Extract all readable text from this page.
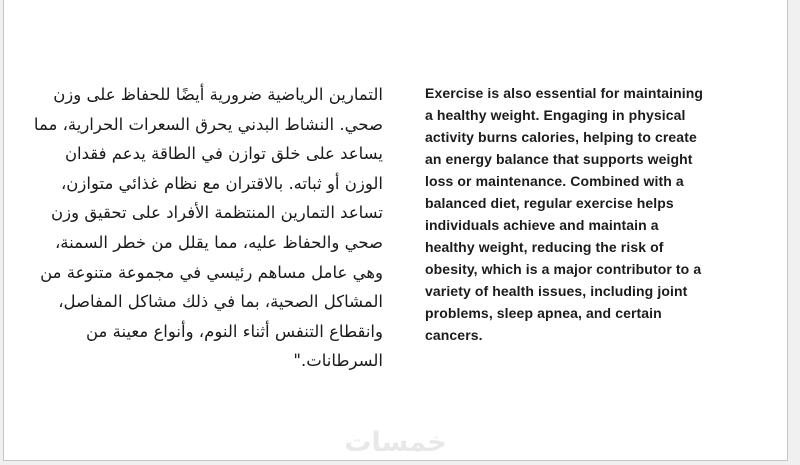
التمارين الرياضية ضرورية أيضًا للحفاظ على وزن
صحي. النشاط البدني يحرق السعرات الحرارية، مما
يساعد على خلق توازن في الطاقة يدعم فقدان
الوزن أو ثباته. بالاقتران مع نظام غذائي متوازن،
تساعد التمارين المنتظمة الأفراد على تحقيق وزن
صحي والحفاظ عليه، مما يقلل من خطر السمنة،
وهي عامل مساهم رئيسي في مجموعة متنوعة من
المشاكل الصحية، بما في ذلك مشاكل المفاصل،
وانقطاع التنفس أثناء النوم، وأنواع معينة من
السرطانات."
Exercise is also essential for maintaining
a healthy weight. Engaging in physical
activity burns calories, helping to create
an energy balance that supports weight
loss or maintenance. Combined with a
balanced diet, regular exercise helps
individuals achieve and maintain a
healthy weight, reducing the risk of
obesity, which is a major contributor to a
variety of health issues, including joint
problems, sleep apnea, and certain
cancers.
خمسات
